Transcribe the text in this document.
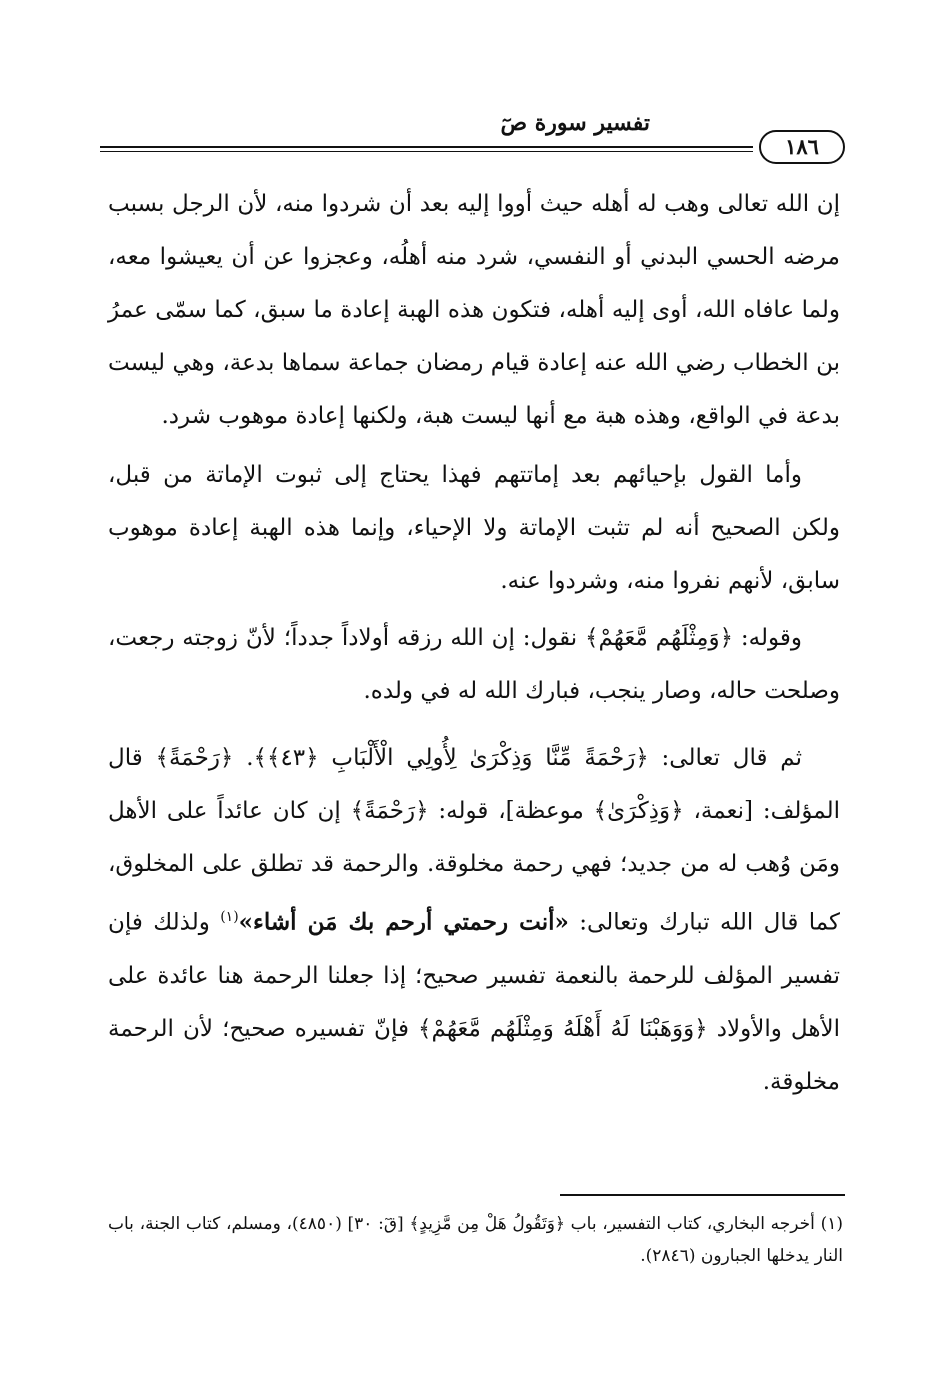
تفسير سورة صٓ
١٨٦

إن الله تعالى وهب له أهله حيث أووا إليه بعد أن شردوا منه، لأن الرجل بسبب مرضه الحسي البدني أو النفسي، شرد منه أهلُه، وعجزوا عن أن يعيشوا معه، ولما عافاه الله، أوى إليه أهله، فتكون هذه الهبة إعادة ما سبق، كما سمّى عمرُ بن الخطاب رضي الله عنه إعادة قيام رمضان جماعة سماها بدعة، وهي ليست بدعة في الواقع، وهذه هبة مع أنها ليست هبة، ولكنها إعادة موهوب شرد.

وأما القول بإحيائهم بعد إماتتهم فهذا يحتاج إلى ثبوت الإماتة من قبل، ولكن الصحيح أنه لم تثبت الإماتة ولا الإحياء، وإنما هذه الهبة إعادة موهوب سابق، لأنهم نفروا منه، وشردوا عنه.

وقوله: ﴿وَمِثْلَهُم مَّعَهُمْ﴾ نقول: إن الله رزقه أولاداً جدداً؛ لأنّ زوجته رجعت، وصلحت حاله، وصار ينجب، فبارك الله له في ولده.

ثم قال تعالى: ﴿رَحْمَةً مِّنَّا وَذِكْرَىٰ لِأُولِي الْأَلْبَابِ ﴿٤٣﴾﴾. ﴿رَحْمَةً﴾ قال المؤلف: [نعمة، ﴿وَذِكْرَىٰ﴾ موعظة]، قوله: ﴿رَحْمَةً﴾ إن كان عائداً على الأهل ومَن وُهب له من جديد؛ فهي رحمة مخلوقة. والرحمة قد تطلق على المخلوق، كما قال الله تبارك وتعالى: «أنت رحمتي أرحم بك مَن أشاء»$^{(١)}$ ولذلك فإن تفسير المؤلف للرحمة بالنعمة تفسير صحيح؛ إذا جعلنا الرحمة هنا عائدة على الأهل والأولاد ﴿وَوَهَبْنَا لَهُ أَهْلَهُ وَمِثْلَهُم مَّعَهُمْ﴾ فإنّ تفسيره صحيح؛ لأن الرحمة مخلوقة.

(١) أخرجه البخاري، كتاب التفسير، باب ﴿وَتَقُولُ هَلْ مِن مَّزِيدٍ﴾ [قٓ: ٣٠] (٤٨٥٠)، ومسلم، كتاب الجنة، باب النار يدخلها الجبارون (٢٨٤٦).
